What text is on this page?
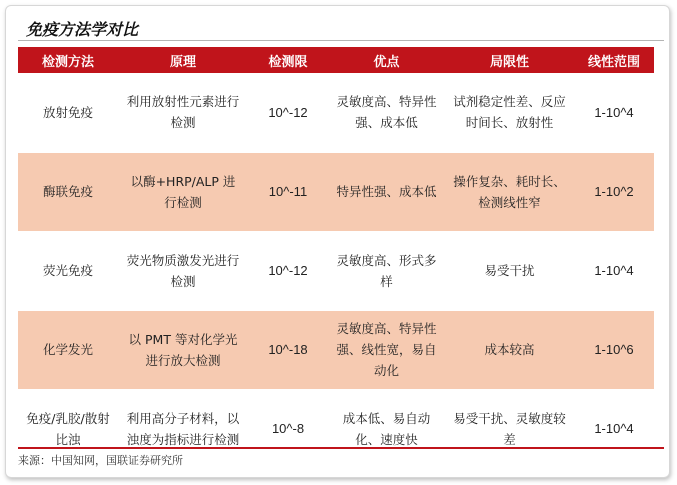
免疫方法学对比
检测方法	原理	检测限	优点	局限性	线性范围
放射免疫	利用放射性元素进行检测	10^-12	灵敏度高、特异性强、成本低	试剂稳定性差、反应时间长、放射性	1-10^4
酶联免疫	以酶+HRP/ALP 进行检测	10^-11	特异性强、成本低	操作复杂、耗时长、检测线性窄	1-10^2
荧光免疫	荧光物质激发光进行检测	10^-12	灵敏度高、形式多样	易受干扰	1-10^4
化学发光	以 PMT 等对化学光进行放大检测	10^-18	灵敏度高、特异性强、线性宽，易自动化	成本较高	1-10^6
免疫/乳胶/散射比浊	利用高分子材料，以浊度为指标进行检测	10^-8	成本低、易自动化、速度快	易受干扰、灵敏度较差	1-10^4
来源：中国知网，国联证券研究所
